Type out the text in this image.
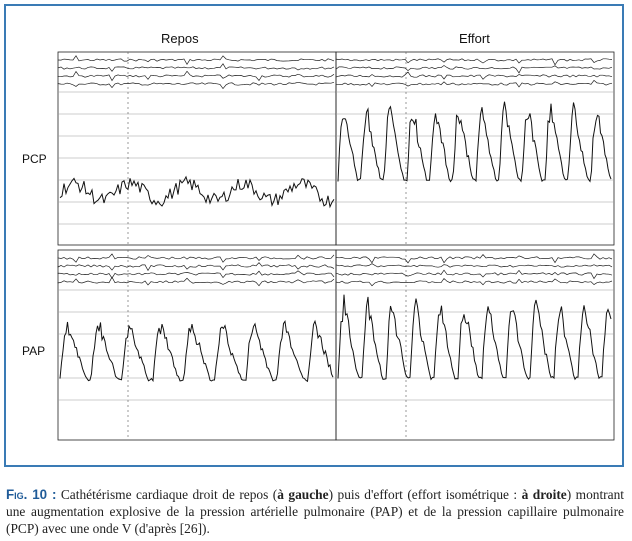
Repos	Effort
PCP
PAP
Fig. 10 : Cathétérisme cardiaque droit de repos (à gauche) puis d'effort (effort isométrique : à droite) montrant une augmentation explosive de la pression artérielle pulmonaire (PAP) et de la pression capillaire pulmonaire (PCP) avec une onde V (d'après [26]).
